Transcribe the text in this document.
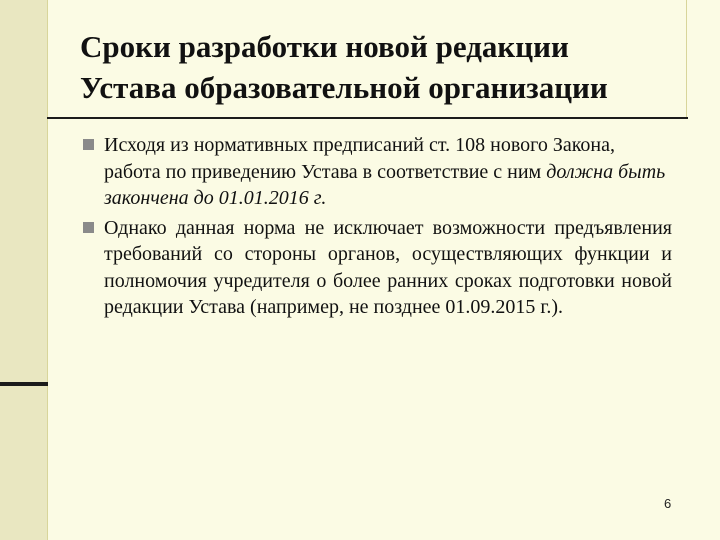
Сроки разработки новой редакции
Устава образовательной организации
Исходя из нормативных предписаний ст. 108 нового Закона, работа по приведению Устава в соответствие с ним должна быть закончена до 01.01.2016 г.
Однако данная норма не исключает возможности предъявления требований со стороны органов, осуществляющих функции и полномочия учредителя о более ранних сроках подготовки новой редакции Устава (например, не позднее 01.09.2015 г.).
6
